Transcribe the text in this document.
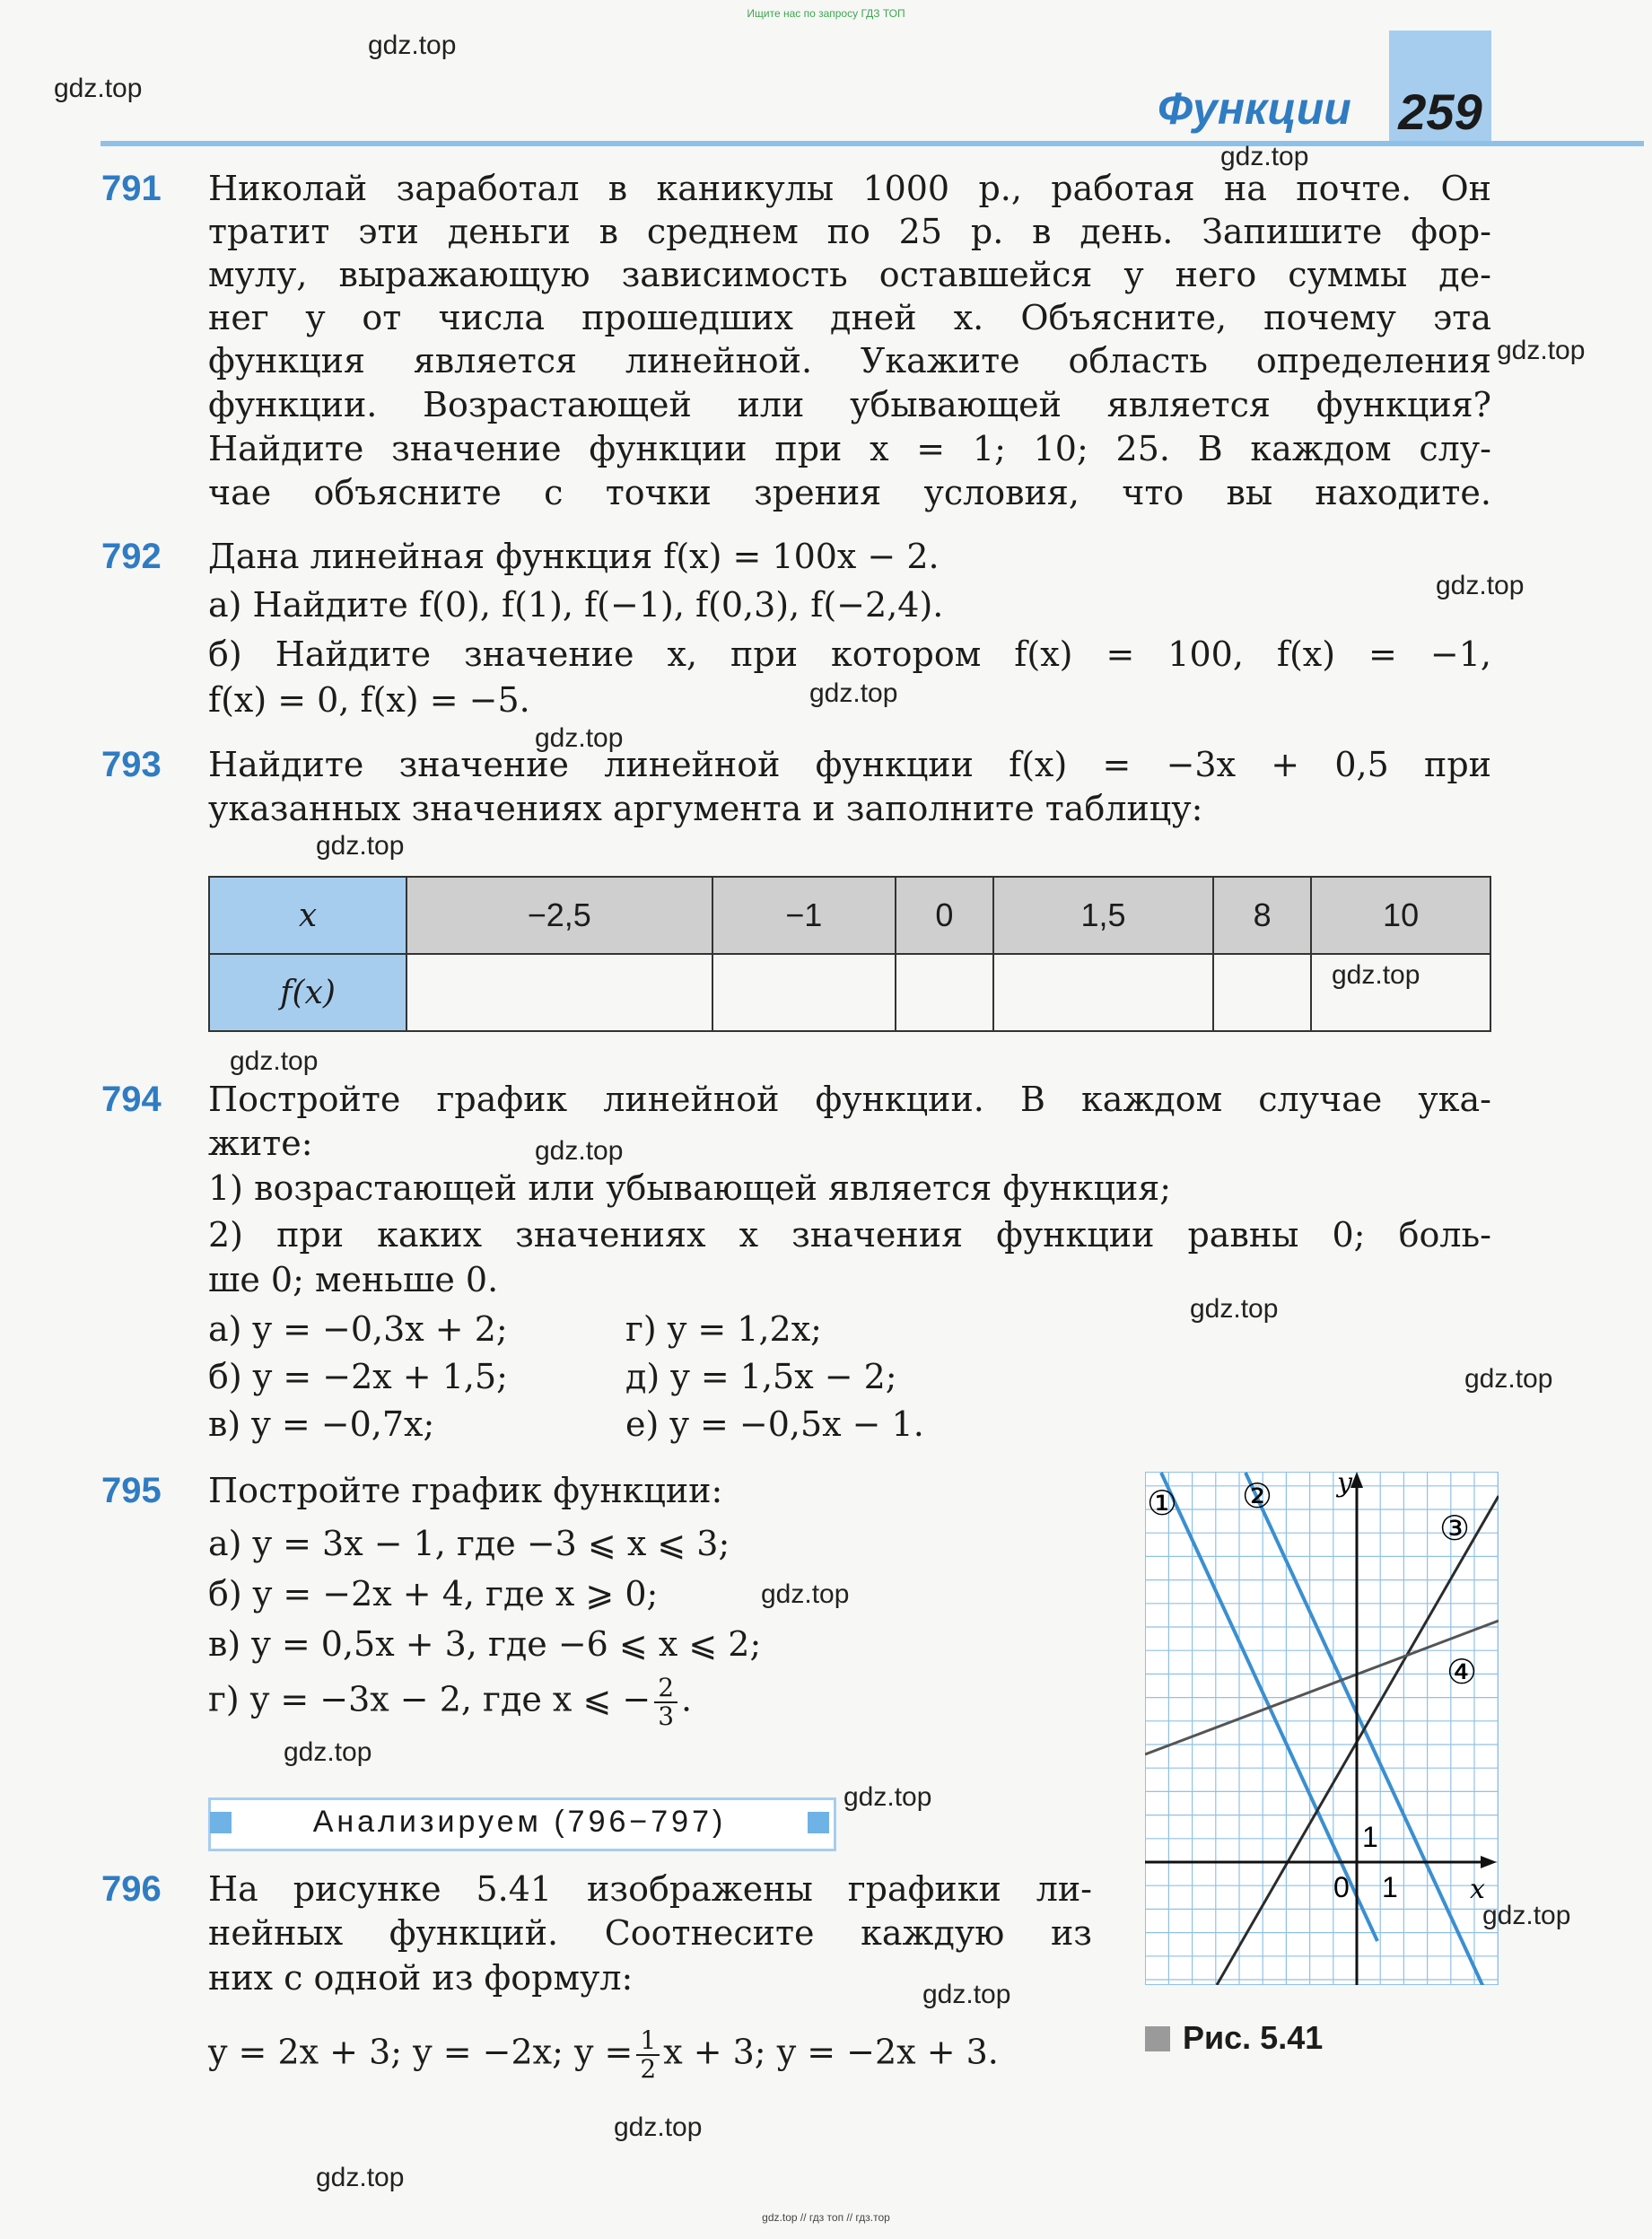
Ищите нас по запросу ГДЗ ТОП
Функции 259
791 Николай заработал в каникулы 1000 р., работая на почте. Он
тратит эти деньги в среднем по 25 р. в день. Запишите фор-
мулу, выражающую зависимость оставшейся у него суммы де-
нег y от числа прошедших дней x. Объясните, почему эта
функция является линейной. Укажите область определения
функции. Возрастающей или убывающей является функция?
Найдите значение функции при x = 1; 10; 25. В каждом слу-
чае объясните с точки зрения условия, что вы находите.
792 Дана линейная функция f(x) = 100x − 2.
а) Найдите f(0), f(1), f(−1), f(0,3), f(−2,4).
б) Найдите значение x, при котором f(x) = 100, f(x) = −1,
f(x) = 0, f(x) = −5.
793 Найдите значение линейной функции f(x) = −3x + 0,5 при
указанных значениях аргумента и заполните таблицу:
x	−2,5	−1	0	1,5	8	10
f(x)						
794 Постройте график линейной функции. В каждом случае ука-
жите:
1) возрастающей или убывающей является функция;
2) при каких значениях x значения функции равны 0; боль-
ше 0; меньше 0.
а) y = −0,3x + 2;
б) y = −2x + 1,5;
в) y = −0,7x;
г) y = 1,2x;
д) y = 1,5x − 2;
е) y = −0,5x − 1.
795 Постройте график функции:
а) y = 3x − 1, где −3 ⩽ x ⩽ 3;
б) y = −2x + 4, где x ⩾ 0;
в) y = 0,5x + 3, где −6 ⩽ x ⩽ 2;
г) y = −3x − 2, где x ⩽ − $\frac{2}{3}$ .
Анализируем (796−797)
796 На рисунке 5.41 изображены графики ли-
нейных функций. Соотнесите каждую из
них с одной из формул:
y = 2x + 3; y = −2x; $y = \frac{1}{2}$ x + 3; y = −2x + 3.
x
y
0 1
1
① ②
③
④
Рис. 5.41
gdz.top
gdz.top
gdz.top
gdz.top
gdz.top
gdz.top
gdz.top
gdz.top
gdz.top
gdz.top
gdz.top
gdz.top
gdz.top
gdz.top
gdz.top
gdz.top
gdz.top
gdz.top
gdz.top
gdz.top
gdz.top // гдз топ // гдз.тор
